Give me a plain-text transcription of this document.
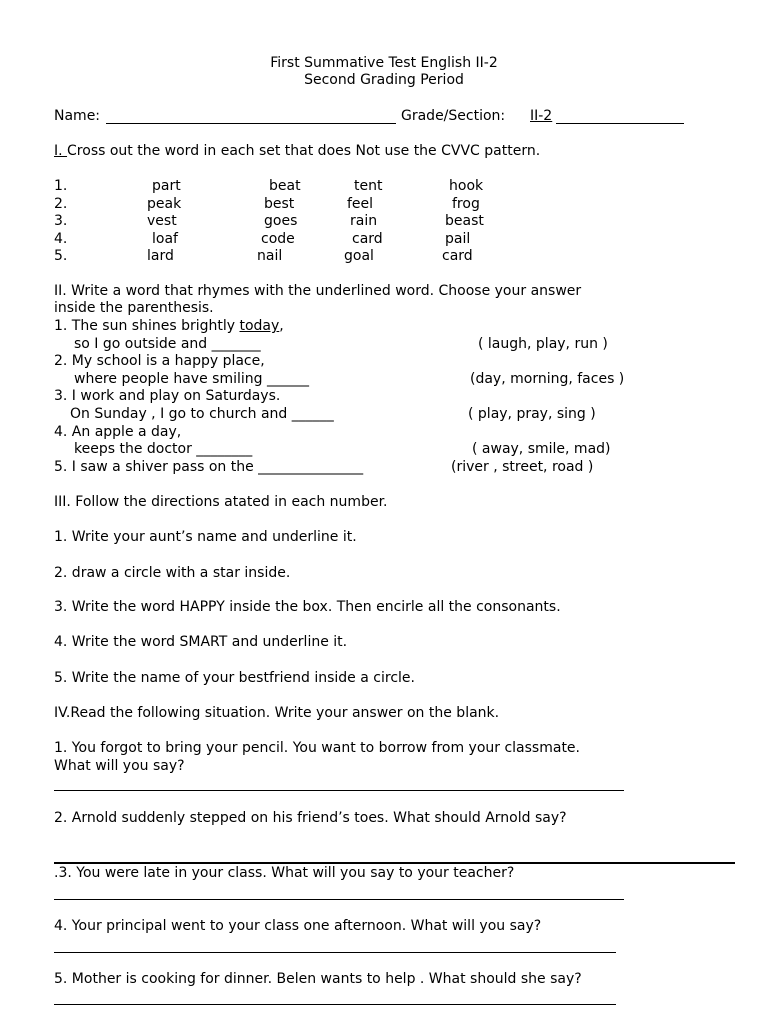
First Summative Test English II-2
Second Grading Period
Name:	Grade/Section: II-2
I. Cross out the word in each set that does Not use the CVVC pattern.
1.	part	beat	tent	hook
2.	peak	best	feel	frog
3.	vest	goes	rain	beast
4.	loaf	code	card	pail
5.	lard	nail	goal	card
II. Write a word that rhymes with the underlined word. Choose your answer
inside the parenthesis.
1. The sun shines brightly today,
so I go outside and _______	( laugh, play, run )
2. My school is a happy place,
where people have smiling ______	(day, morning, faces )
3. I work and play on Saturdays.
On Sunday , I go to church and ______	( play, pray, sing )
4. An apple a day,
keeps the doctor ________	( away, smile, mad)
5. I saw a shiver pass on the _______________	(river , street, road )
III. Follow the directions atated in each number.
1. Write your aunt’s name and underline it.
2. draw a circle with a star inside.
3. Write the word HAPPY inside the box. Then encirle all the consonants.
4. Write the word SMART and underline it.
5. Write the name of your bestfriend inside a circle.
IV.Read the following situation. Write your answer on the blank.
1. You forgot to bring your pencil. You want to borrow from your classmate.
What will you say?
2. Arnold suddenly stepped on his friend’s toes. What should Arnold say?
.3. You were late in your class. What will you say to your teacher?
4. Your principal went to your class one afternoon. What will you say?
5. Mother is cooking for dinner. Belen wants to help . What should she say?
